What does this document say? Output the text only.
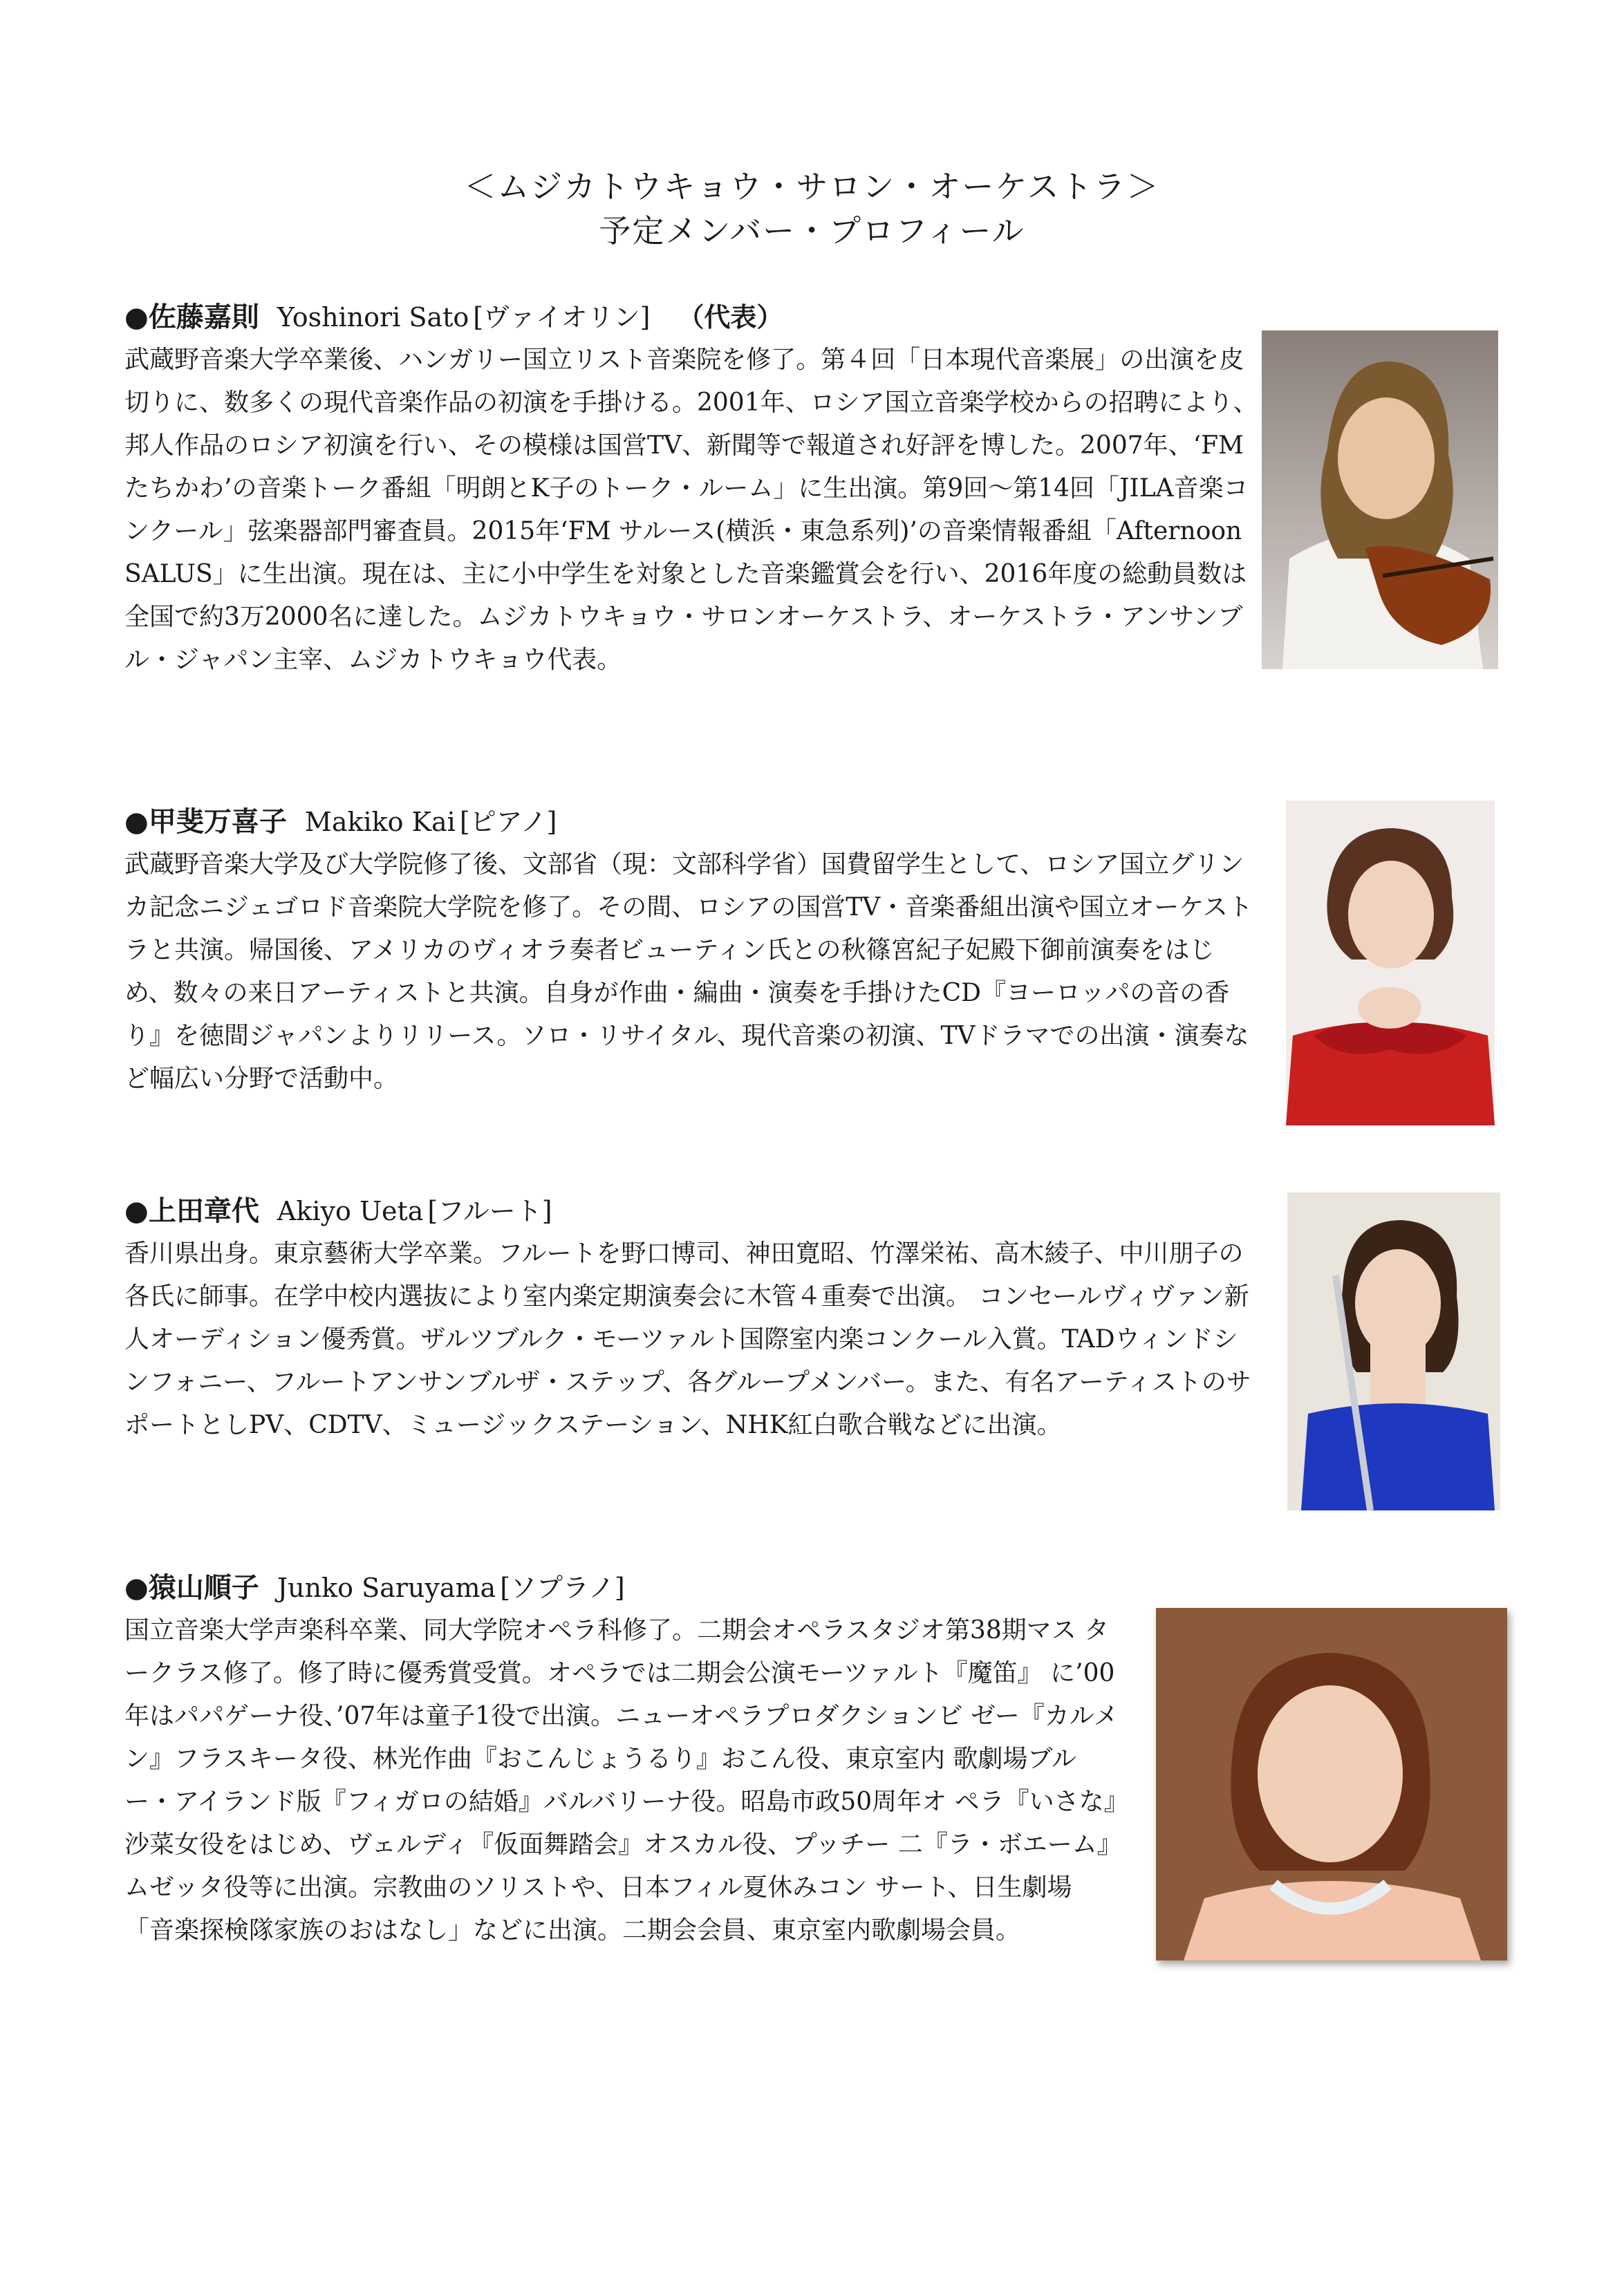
＜ムジカトウキョウ・サロン・オーケストラ＞
予定メンバー・プロフィール
●佐藤嘉則 Yoshinori Sato [ヴァイオリン] （代表）
武蔵野音楽大学卒業後、ハンガリー国立リスト音楽院を修了。第４回「日本現代音楽展」の出演を皮切りに、数多くの現代音楽作品の初演を手掛ける。2001年、ロシア国立音楽学校からの招聘により、邦人作品のロシア初演を行い、その模様は国営TV、新聞等で報道され好評を博した。2007年、‘FM たちかわ’の音楽トーク番組「明朗とK子のトーク・ルーム」に生出演。第9回〜第14回「JILA音楽コンクール」弦楽器部門審査員。2015年‘FM サルース(横浜・東急系列)’の音楽情報番組「Afternoon SALUS」に生出演。現在は、主に小中学生を対象とした音楽鑑賞会を行い、2016年度の総動員数は全国で約3万2000名に達した。ムジカトウキョウ・サロンオーケストラ、オーケストラ・アンサンブル・ジャパン主宰、ムジカトウキョウ代表。
●甲斐万喜子 Makiko Kai [ピアノ]
武蔵野音楽大学及び大学院修了後、文部省（現：文部科学省）国費留学生として、ロシア国立グリンカ記念ニジェゴロド音楽院大学院を修了。その間、ロシアの国営TV・音楽番組出演や国立オーケストラと共演。帰国後、アメリカのヴィオラ奏者ビューティン氏との秋篠宮紀子妃殿下御前演奏をはじめ、数々の来日アーティストと共演。自身が作曲・編曲・演奏を手掛けたCD『ヨーロッパの音の香り』を徳間ジャパンよりリリース。ソロ・リサイタル、現代音楽の初演、TVドラマでの出演・演奏など幅広い分野で活動中。
●上田章代 Akiyo Ueta [フルート]
香川県出身。東京藝術大学卒業。フルートを野口博司、神田寛昭、竹澤栄祐、高木綾子、中川朋子の各氏に師事。在学中校内選抜により室内楽定期演奏会に木管４重奏で出演。 コンセールヴィヴァン新人オーディション優秀賞。ザルツブルク・モーツァルト国際室内楽コンクール入賞。TADウィンドシンフォニー、フルートアンサンブルザ・ステップ、各グループメンバー。また、有名アーティストのサポートとしPV、CDTV、ミュージックステーション、NHK紅白歌合戦などに出演。
●猿山順子 Junko Saruyama [ソプラノ]
国立音楽大学声楽科卒業、同大学院オペラ科修了。二期会オペラスタジオ第38期マス タークラス修了。修了時に優秀賞受賞。オペラでは二期会公演モーツァルト『魔笛』 に’00年はパパゲーナ役、’07年は童子1役で出演。ニューオペラプロダクションビ ゼー『カルメン』フラスキータ役、林光作曲『おこんじょうるり』おこん役、東京室内 歌劇場ブルー・アイランド版『フィガロの結婚』バルバリーナ役。昭島市政50周年オ ペラ『いさな』沙菜女役をはじめ、ヴェルディ『仮面舞踏会』オスカル役、プッチー 二『ラ・ボエーム』ムゼッタ役等に出演。宗教曲のソリストや、日本フィル夏休みコン サート、日生劇場「音楽探検隊家族のおはなし」などに出演。二期会会員、東京室内歌劇場会員。
